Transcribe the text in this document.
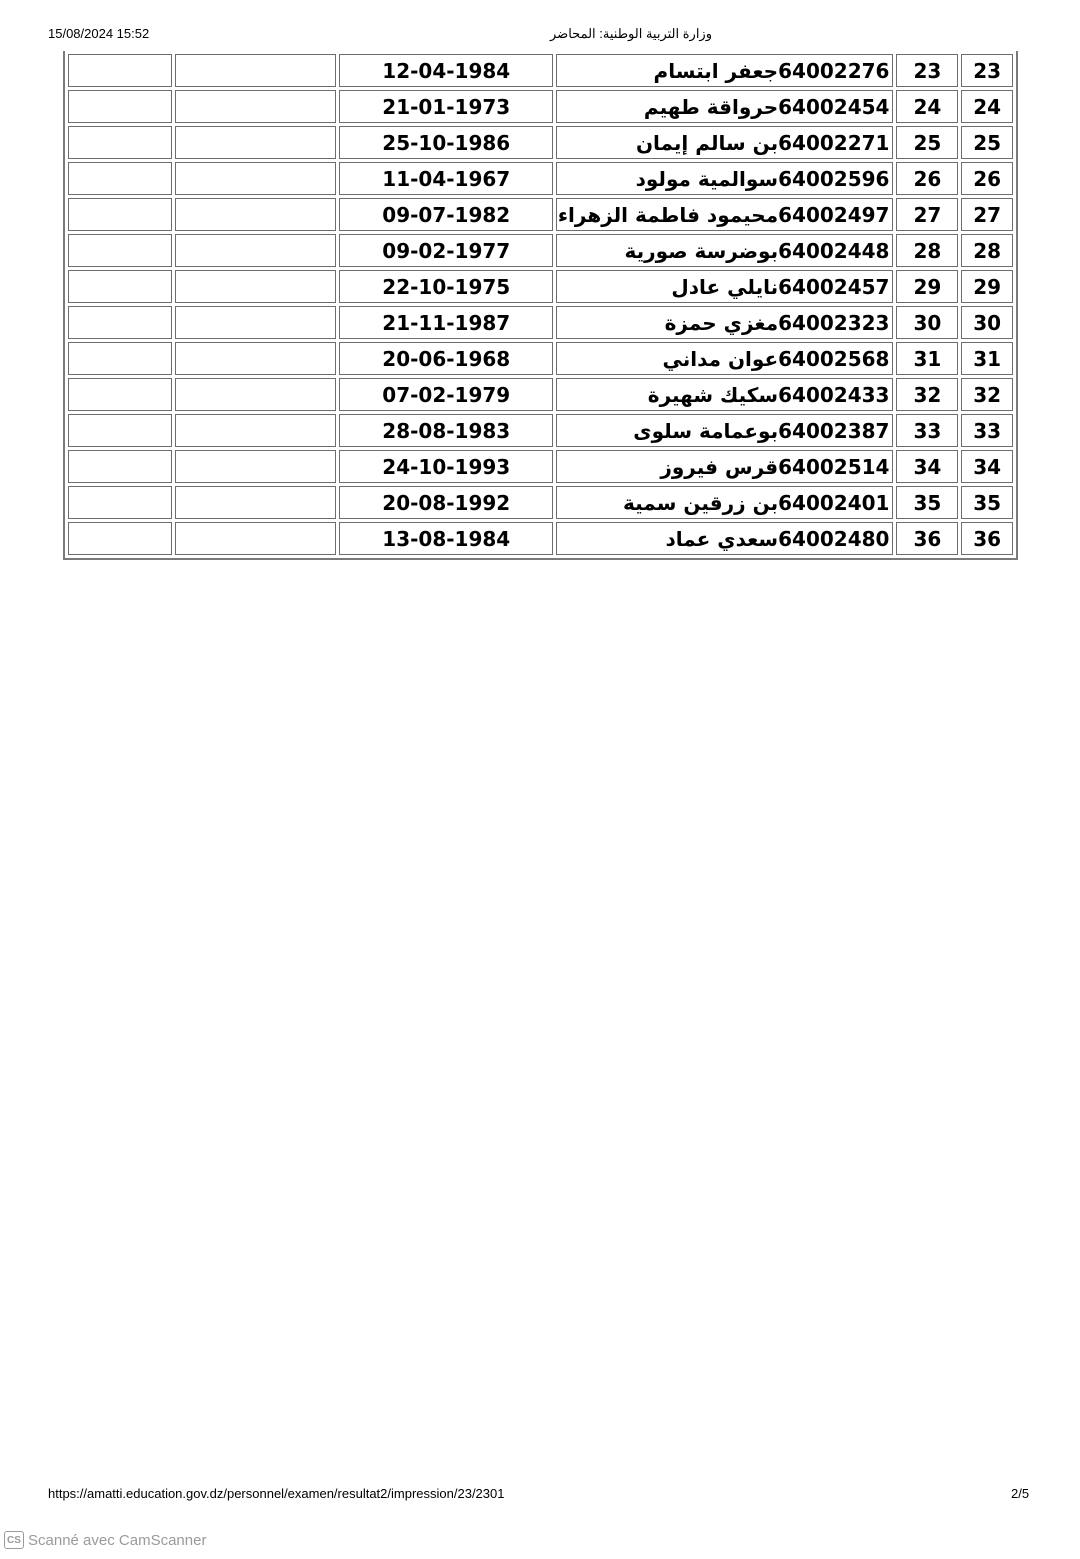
15/08/2024 15:52	وزارة التربية الوطنية: المحاضر
23	23	64002276جعفر ابتسام	12-04-1984		
24	24	64002454حرواقة طهيم	21-01-1973		
25	25	64002271بن سالم إيمان	25-10-1986		
26	26	64002596سوالمية مولود	11-04-1967		
27	27	64002497محيمود فاطمة الزهراء	09-07-1982		
28	28	64002448بوضرسة صورية	09-02-1977		
29	29	64002457نايلي عادل	22-10-1975		
30	30	64002323مغزي حمزة	21-11-1987		
31	31	64002568عوان مداني	20-06-1968		
32	32	64002433سكيك شهيرة	07-02-1979		
33	33	64002387بوعمامة سلوى	28-08-1983		
34	34	64002514قرس فيروز	24-10-1993		
35	35	64002401بن زرقين سمية	20-08-1992		
36	36	64002480سعدي عماد	13-08-1984		
https://amatti.education.gov.dz/personnel/examen/resultat2/impression/23/2301	2/5
CS Scanné avec CamScanner
